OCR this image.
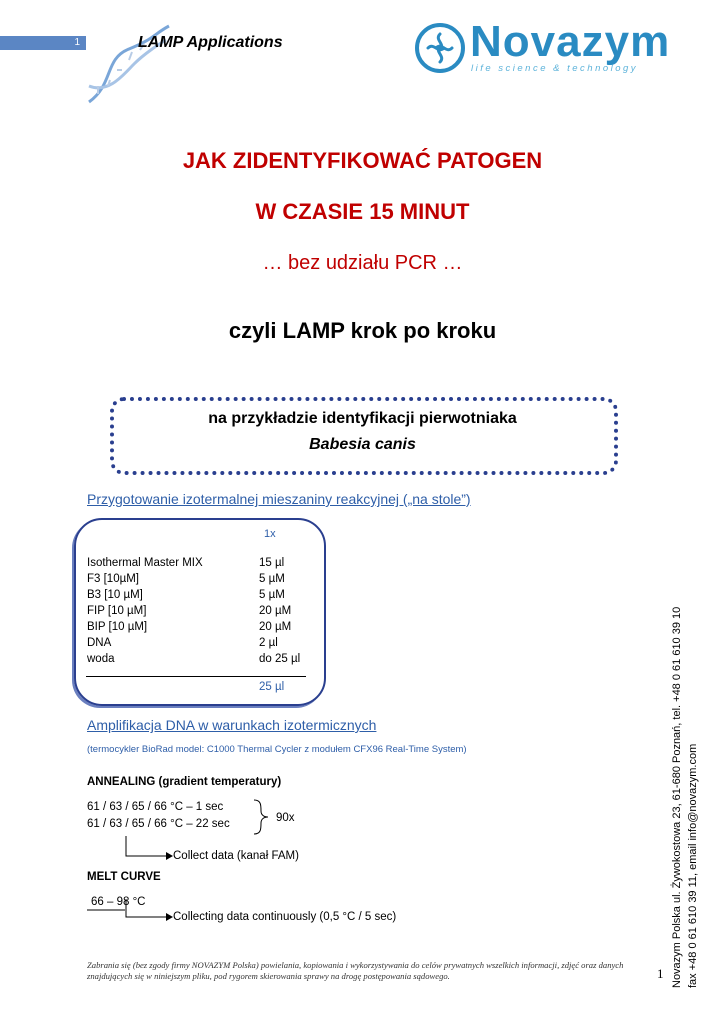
1	LAMP Applications	Novazym
life science & technology
JAK ZIDENTYFIKOWAĆ PATOGEN
W CZASIE 15 MINUT
… bez udziału PCR …
czyli LAMP krok po kroku
na przykładzie identyfikacji pierwotniaka
Babesia canis
Przygotowanie izotermalnej mieszaniny reakcyjnej („na stole”)
1x
Isothermal Master MIX	15 µl
F3 [10µM]	5 µM
B3 [10 µM]	5 µM
FIP [10 µM]	20 µM
BIP [10 µM]	20 µM
DNA	2 µl
woda	do 25 µl
25 µl
Amplifikacja DNA w warunkach izotermicznych
(termocykler BioRad model: C1000 Thermal Cycler z modułem CFX96 Real-Time System)
ANNEALING (gradient temperatury)
61 / 63 / 65 / 66 °C – 1 sec
61 / 63 / 65 / 66 °C – 22 sec	90x
Collect data (kanał FAM)
MELT CURVE
66 – 98 °C
Collecting data continuously (0,5 °C / 5 sec)
Zabrania się (bez zgody firmy NOVAZYM Polska) powielania, kopiowania i wykorzystywania do celów prywatnych wszelkich informacji, zdjęć oraz danych znajdujących się w niniejszym pliku, pod rygorem skierowania sprawy na drogę postępowania sądowego.	1 Novazym Polska ul. Żywokostowa 23, 61-680 Poznań, tel. +48 0 61 610 39 10 fax +48 0 61 610 39 11, email info@novazym.com
